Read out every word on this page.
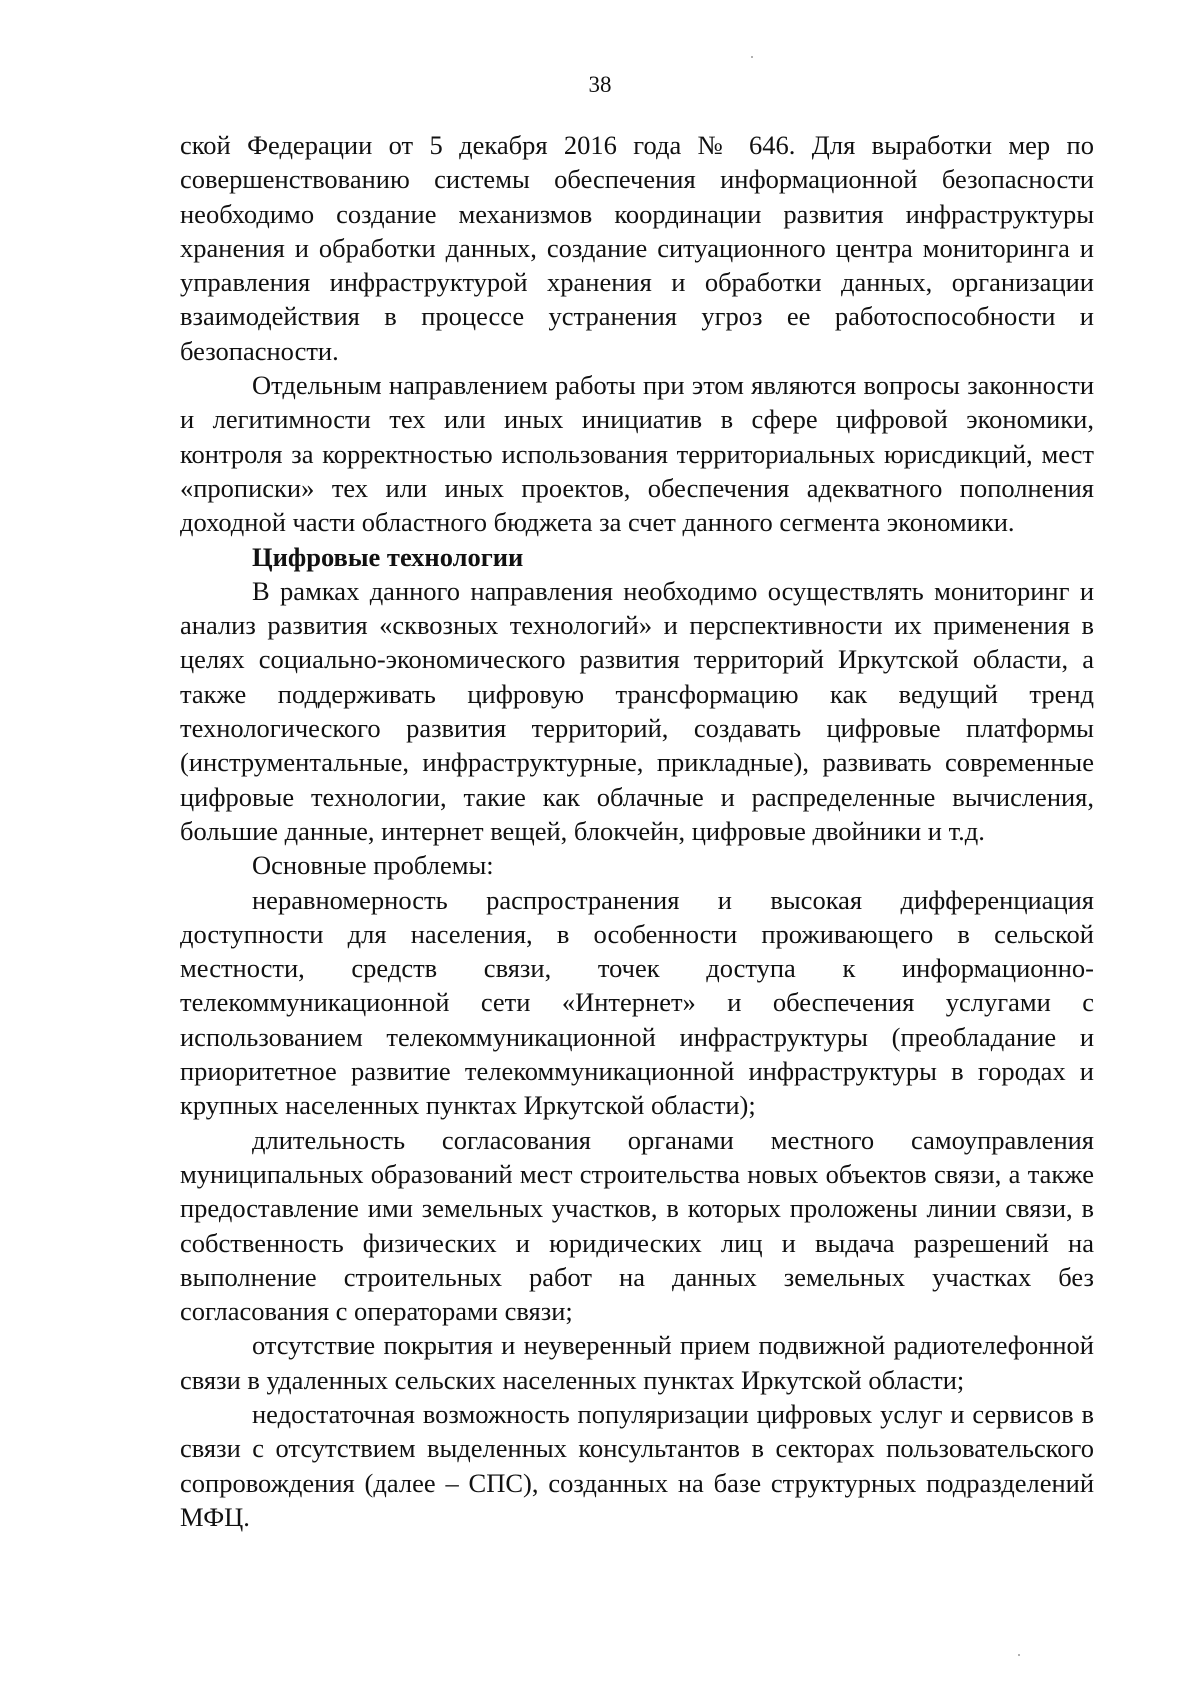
38

ской Федерации от 5 декабря 2016 года № 646. Для выработки мер по совершенствованию системы обеспечения информационной безопасности необходимо создание механизмов координации развития инфраструктуры хранения и обработки данных, создание ситуационного центра мониторинга и управления инфраструктурой хранения и обработки данных, организации взаимодействия в процессе устранения угроз ее работоспособности и безопасности.

Отдельным направлением работы при этом являются вопросы законности и легитимности тех или иных инициатив в сфере цифровой экономики, контроля за корректностью использования территориальных юрисдикций, мест «прописки» тех или иных проектов, обеспечения адекватного пополнения доходной части областного бюджета за счет данного сегмента экономики.

Цифровые технологии

В рамках данного направления необходимо осуществлять мониторинг и анализ развития «сквозных технологий» и перспективности их применения в целях социально-экономического развития территорий Иркутской области, а также поддерживать цифровую трансформацию как ведущий тренд технологического развития территорий, создавать цифровые платформы (инструментальные, инфраструктурные, прикладные), развивать современные цифровые технологии, такие как облачные и распределенные вычисления, большие данные, интернет вещей, блокчейн, цифровые двойники и т.д.

Основные проблемы:

неравномерность распространения и высокая дифференциация доступности для населения, в особенности проживающего в сельской местности, средств связи, точек доступа к информационно-телекоммуникационной сети «Интернет» и обеспечения услугами с использованием телекоммуникационной инфраструктуры (преобладание и приоритетное развитие телекоммуникационной инфраструктуры в городах и крупных населенных пунктах Иркутской области);

длительность согласования органами местного самоуправления муниципальных образований мест строительства новых объектов связи, а также предоставление ими земельных участков, в которых проложены линии связи, в собственность физических и юридических лиц и выдача разрешений на выполнение строительных работ на данных земельных участках без согласования с операторами связи;

отсутствие покрытия и неуверенный прием подвижной радиотелефонной связи в удаленных сельских населенных пунктах Иркутской области;

недостаточная возможность популяризации цифровых услуг и сервисов в связи с отсутствием выделенных консультантов в секторах пользовательского сопровождения (далее – СПС), созданных на базе структурных подразделений МФЦ.
